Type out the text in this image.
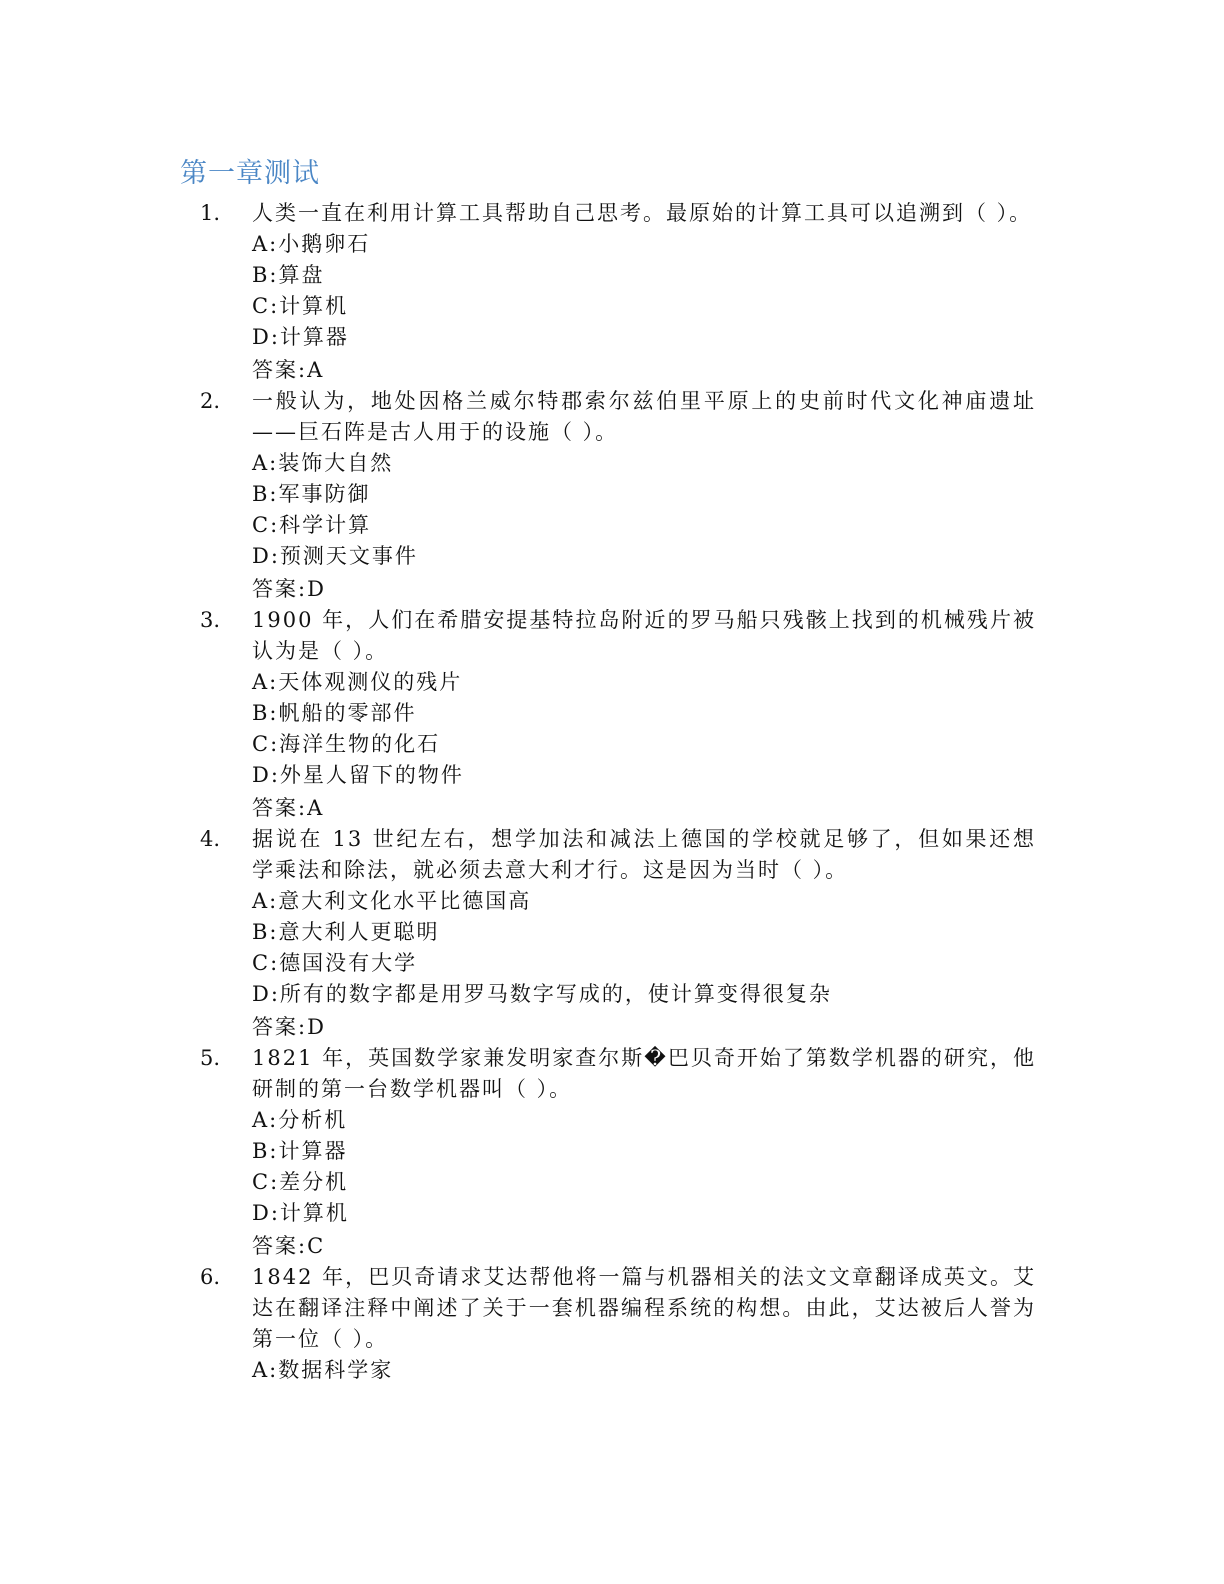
第一章测试
1. 人类一直在利用计算工具帮助自己思考。最原始的计算工具可以追溯到（ ）。
A:小鹅卵石
B:算盘
C:计算机
D:计算器
答案:A
2. 一般认为，地处因格兰威尔特郡索尔兹伯里平原上的史前时代文化神庙遗址——巨石阵是古人用于的设施（ ）。
A:装饰大自然
B:军事防御
C:科学计算
D:预测天文事件
答案:D
3. 1900 年，人们在希腊安提基特拉岛附近的罗马船只残骸上找到的机械残片被认为是（ ）。
A:天体观测仪的残片
B:帆船的零部件
C:海洋生物的化石
D:外星人留下的物件
答案:A
4. 据说在 13 世纪左右，想学加法和减法上德国的学校就足够了，但如果还想学乘法和除法，就必须去意大利才行。这是因为当时（ ）。
A:意大利文化水平比德国高
B:意大利人更聪明
C:德国没有大学
D:所有的数字都是用罗马数字写成的，使计算变得很复杂
答案:D
5. 1821 年，英国数学家兼发明家查尔斯�巴贝奇开始了第数学机器的研究，他研制的第一台数学机器叫（ ）。
A:分析机
B:计算器
C:差分机
D:计算机
答案:C
6. 1842 年，巴贝奇请求艾达帮他将一篇与机器相关的法文文章翻译成英文。艾达在翻译注释中阐述了关于一套机器编程系统的构想。由此，艾达被后人誉为第一位（ ）。
A:数据科学家
